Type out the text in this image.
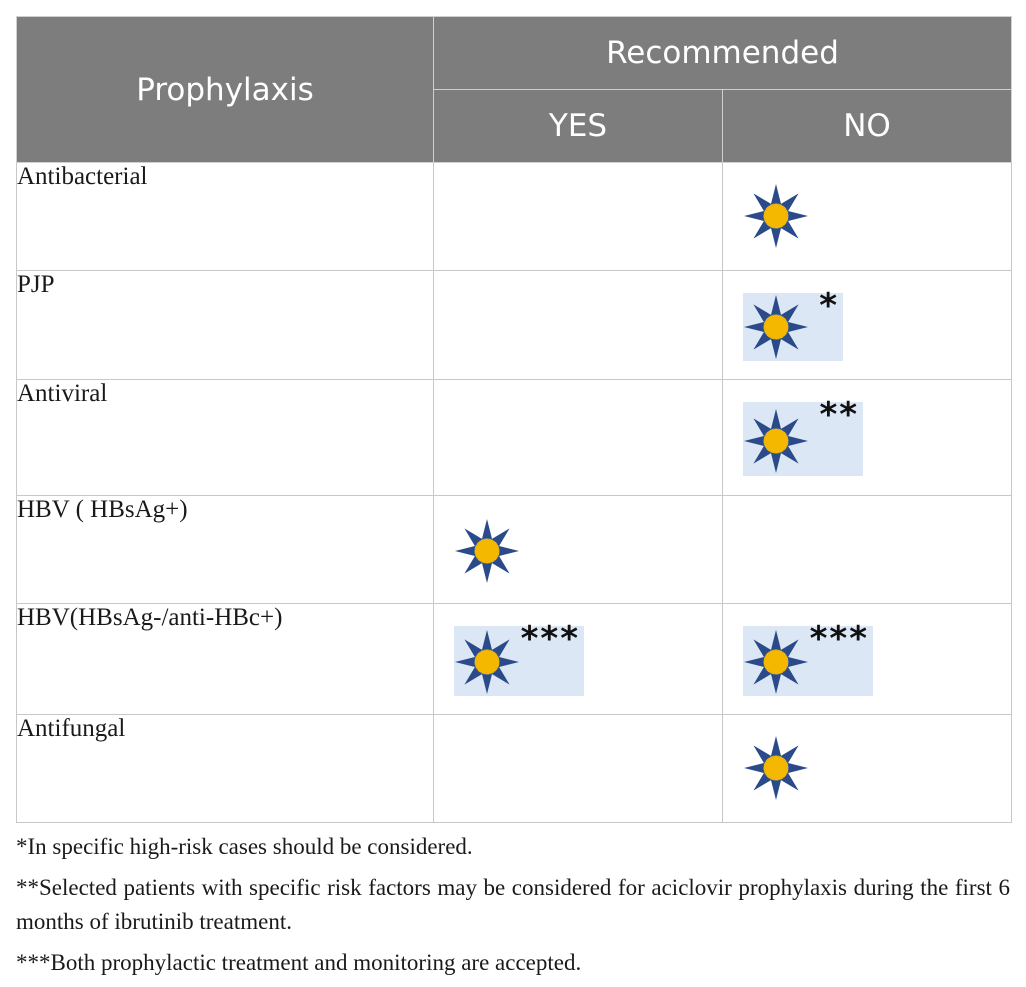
Prophylaxis	Recommended	
	YES	NO
Antibacterial		

PJP		*

Antiviral		**

HBV ( HBsAg+)	

HBV(HBsAg-/anti-HBc+)	***	***

Antifungal		

*In specific high-risk cases should be considered.

**Selected patients with specific risk factors may be considered for aciclovir prophylaxis during the first 6 months of ibrutinib treatment.

***Both prophylactic treatment and monitoring are accepted.
